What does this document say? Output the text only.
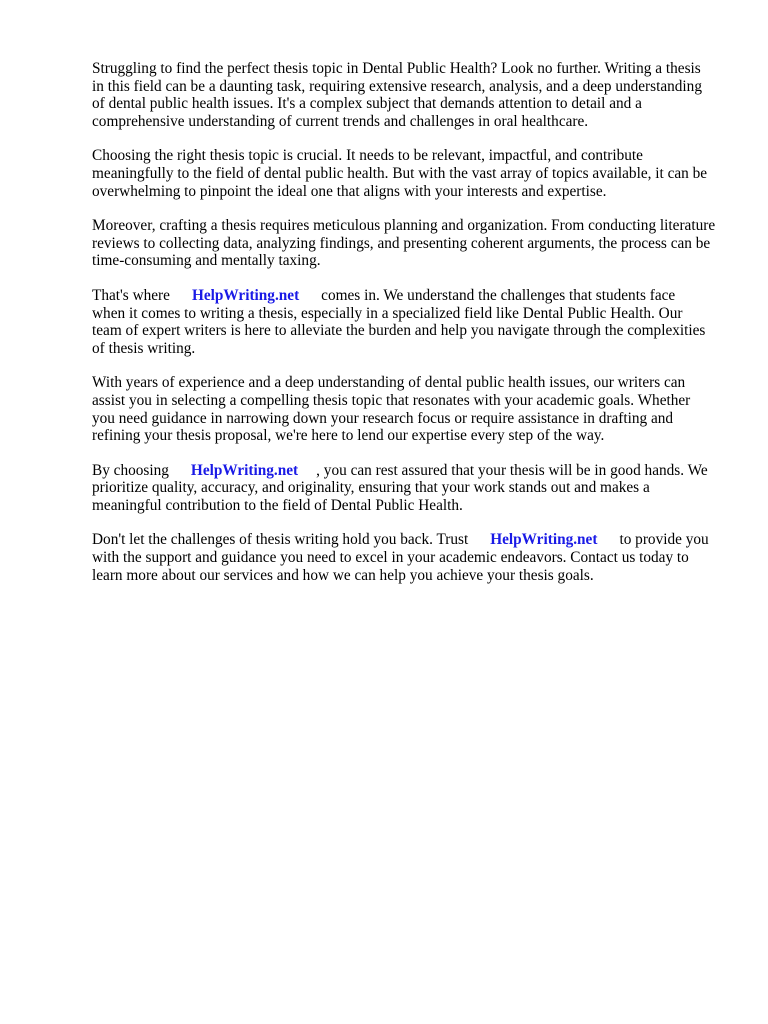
Struggling to find the perfect thesis topic in Dental Public Health? Look no further. Writing a thesis
in this field can be a daunting task, requiring extensive research, analysis, and a deep understanding
of dental public health issues. It's a complex subject that demands attention to detail and a
comprehensive understanding of current trends and challenges in oral healthcare.

Choosing the right thesis topic is crucial. It needs to be relevant, impactful, and contribute
meaningfully to the field of dental public health. But with the vast array of topics available, it can be
overwhelming to pinpoint the ideal one that aligns with your interests and expertise.

Moreover, crafting a thesis requires meticulous planning and organization. From conducting literature
reviews to collecting data, analyzing findings, and presenting coherent arguments, the process can be
time-consuming and mentally taxing.

That's where HelpWriting.net comes in. We understand the challenges that students face
when it comes to writing a thesis, especially in a specialized field like Dental Public Health. Our
team of expert writers is here to alleviate the burden and help you navigate through the complexities
of thesis writing.

With years of experience and a deep understanding of dental public health issues, our writers can
assist you in selecting a compelling thesis topic that resonates with your academic goals. Whether
you need guidance in narrowing down your research focus or require assistance in drafting and
refining your thesis proposal, we're here to lend our expertise every step of the way.

By choosing HelpWriting.net , you can rest assured that your thesis will be in good hands. We
prioritize quality, accuracy, and originality, ensuring that your work stands out and makes a
meaningful contribution to the field of Dental Public Health.

Don't let the challenges of thesis writing hold you back. Trust HelpWriting.net to provide you
with the support and guidance you need to excel in your academic endeavors. Contact us today to
learn more about our services and how we can help you achieve your thesis goals.
